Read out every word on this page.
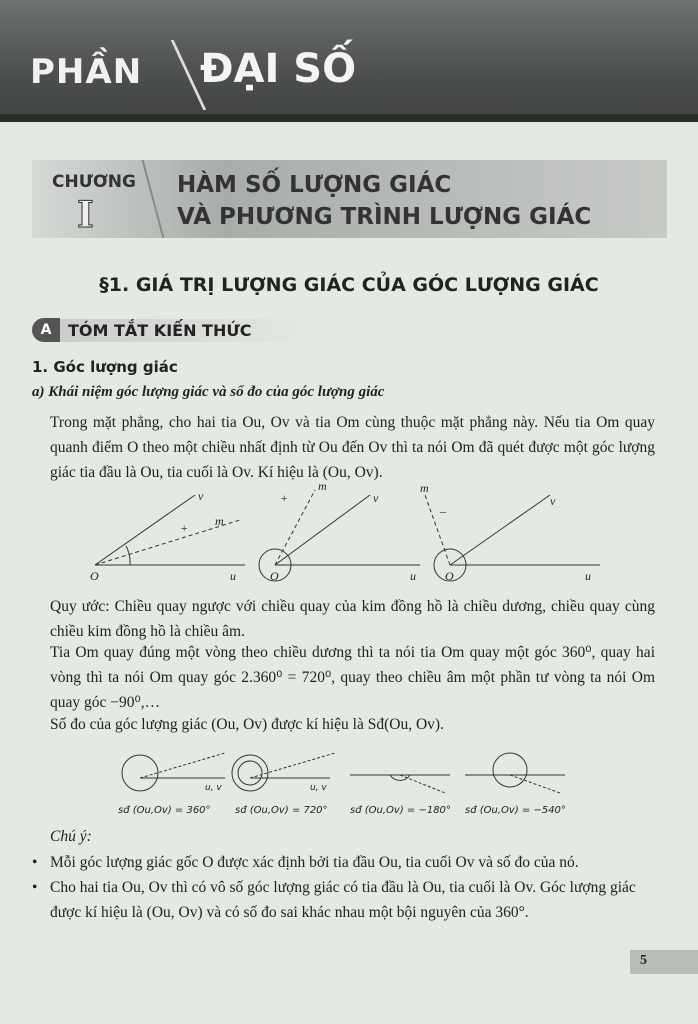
PHẦN	ĐẠI SỐ
CHƯƠNG
I
HÀM SỐ LƯỢNG GIÁC
VÀ PHƯƠNG TRÌNH LƯỢNG GIÁC
§1. GIÁ TRỊ LƯỢNG GIÁC CỦA GÓC LƯỢNG GIÁC
A	TÓM TẮT KIẾN THỨC
1. Góc lượng giác
a) Khái niệm góc lượng giác và số đo của góc lượng giác
Trong mặt phẳng, cho hai tia Ou, Ov và tia Om cùng thuộc mặt phẳng này. Nếu tia Om quay quanh điểm O theo một chiều nhất định từ Ou đến Ov thì ta nói Om đã quét được một góc lượng giác tia đầu là Ou, tia cuối là Ov. Kí hiệu là (Ou, Ov).
O	u
v
m
+
O	u
v
m
+
O	u
v
m
–
Quy ước: Chiều quay ngược với chiều quay của kim đồng hồ là chiều dương, chiều quay cùng chiều kim đồng hồ là chiều âm.
Tia Om quay đúng một vòng theo chiều dương thì ta nói tia Om quay một góc 360⁰, quay hai vòng thì ta nói Om quay góc 2.360⁰ = 720⁰, quay theo chiều âm một phần tư vòng ta nói Om quay góc −90⁰,…
Số đo của góc lượng giác (Ou, Ov) được kí hiệu là Sđ(Ou, Ov).
u, v	u, v
sđ (Ou,Ov) = 360° sđ (Ou,Ov) = 720° sđ (Ou,Ov) = −180° sđ (Ou,Ov) = −540°
Chú ý:
• Mỗi góc lượng giác gốc O được xác định bởi tia đầu Ou, tia cuối Ov và số đo của nó.
• Cho hai tia Ou, Ov thì có vô số góc lượng giác có tia đầu là Ou, tia cuối là Ov. Góc lượng giác được kí hiệu là (Ou, Ov) và có số đo sai khác nhau một bội nguyên của 360°.
5
